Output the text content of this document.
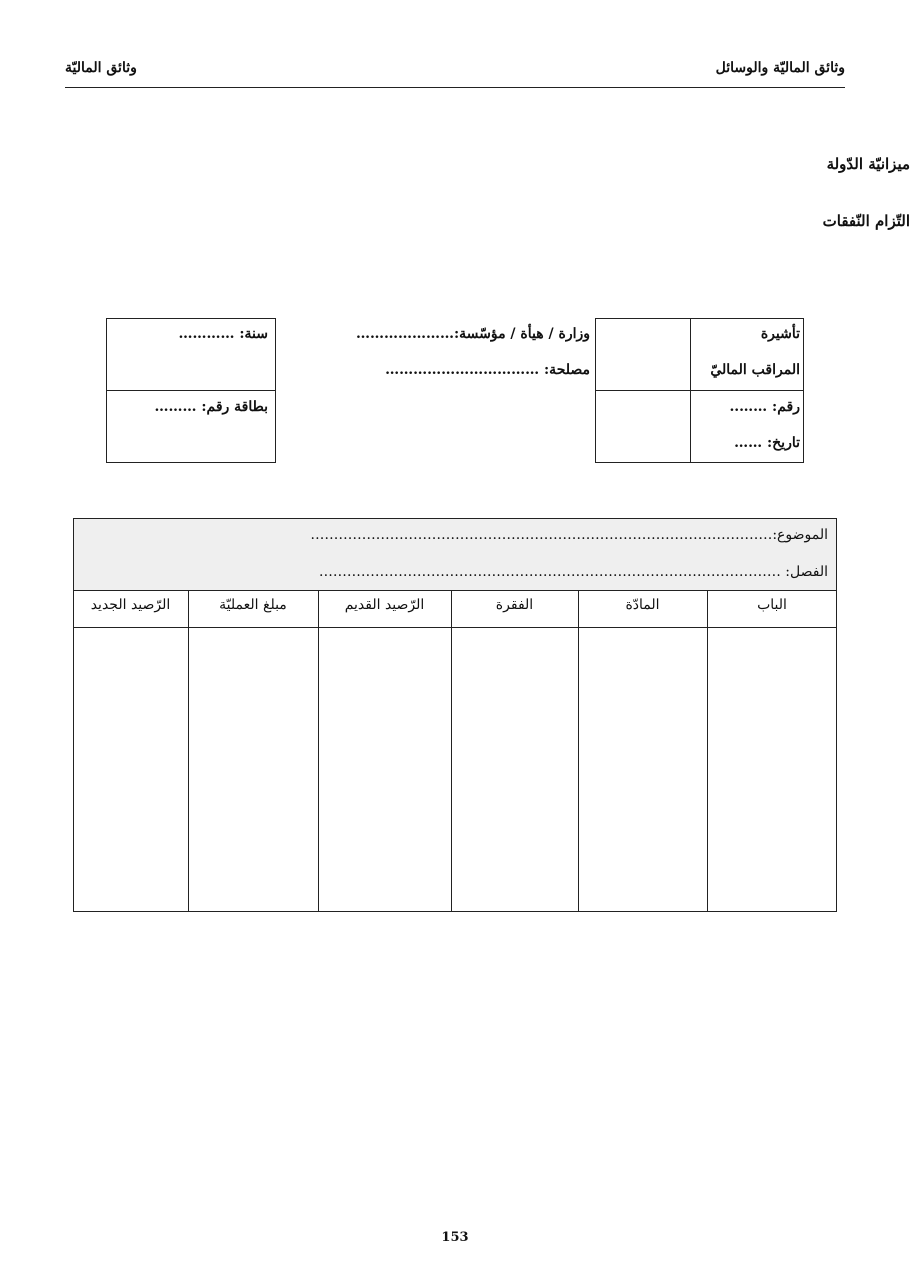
وثائق الماليّة والوسائل
وثائق الماليّة
ميزانيّة الدّولة
التّزام النّفقات
تأشيرة
المراقب الماليّ
رقم: ……..
تاريخ: ……
وزارة / هيأة / مؤسّسة:…………………
مصلحة: ……………………………
سنة: …………
بطاقة رقم: ………
الموضوع:………………………………………………………………………………………
الفصل: ………………………………………………………………………………………
الباب
المادّة
الفقرة
الرّصيد القديم
مبلغ العمليّة
الرّصيد الجديد
153
